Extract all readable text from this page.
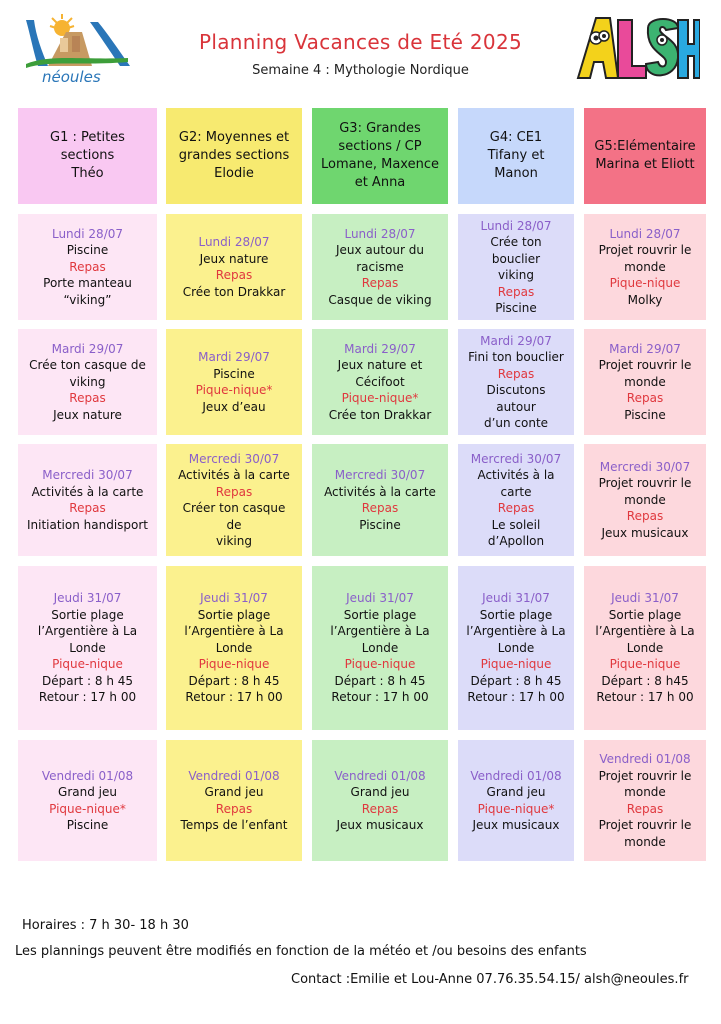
néoules
Planning Vacances de Eté 2025
Semaine 4 : Mythologie Nordique
G1 : Petites
sections
Théo
G2: Moyennes et
grandes sections
Elodie
G3: Grandes
sections / CP
Lomane, Maxence
et Anna
G4: CE1
Tifany et Manon
G5:Elémentaire
Marina et Eliott
Lundi 28/07
Piscine
Repas
Porte manteau
“viking”
Lundi 28/07
Jeux nature
Repas
Crée ton Drakkar
Lundi 28/07
Jeux autour du
racisme
Repas
Casque de viking
Lundi 28/07
Crée ton bouclier
viking
Repas
Piscine
Lundi 28/07
Projet rouvrir le
monde
Pique-nique
Molky
Mardi 29/07
Crée ton casque de
viking
Repas
Jeux nature
Mardi 29/07
Piscine
Pique-nique*
Jeux d’eau
Mardi 29/07
Jeux nature et
Cécifoot
Pique-nique*
Crée ton Drakkar
Mardi 29/07
Fini ton bouclier
Repas
Discutons autour
d’un conte
Mardi 29/07
Projet rouvrir le
monde
Repas
Piscine
Mercredi 30/07
Activités à la carte
Repas
Initiation handisport
Mercredi 30/07
Activités à la carte
Repas
Créer ton casque de
viking
Mercredi 30/07
Activités à la carte
Repas
Piscine
Mercredi 30/07
Activités à la
carte
Repas
Le soleil
d’Apollon
Mercredi 30/07
Projet rouvrir le
monde
Repas
Jeux musicaux
Jeudi 31/07
Sortie plage
l’Argentière à La
Londe
Pique-nique
Départ : 8 h 45
Retour : 17 h 00
Jeudi 31/07
Sortie plage
l’Argentière à La
Londe
Pique-nique
Départ : 8 h 45
Retour : 17 h 00
Jeudi 31/07
Sortie plage
l’Argentière à La
Londe
Pique-nique
Départ : 8 h 45
Retour : 17 h 00
Jeudi 31/07
Sortie plage
l’Argentière à La
Londe
Pique-nique
Départ : 8 h 45
Retour : 17 h 00
Jeudi 31/07
Sortie plage
l’Argentière à La
Londe
Pique-nique
Départ : 8 h45
Retour : 17 h 00
Vendredi 01/08
Grand jeu
Pique-nique*
Piscine
Vendredi 01/08
Grand jeu
Repas
Temps de l’enfant
Vendredi 01/08
Grand jeu
Repas
Jeux musicaux
Vendredi 01/08
Grand jeu
Pique-nique*
Jeux musicaux
Vendredi 01/08
Projet rouvrir le
monde
Repas
Projet rouvrir le
monde
Horaires : 7 h 30- 18 h 30
Les plannings peuvent être modifiés en fonction de la météo et /ou besoins des enfants
Contact :Emilie et Lou-Anne 07.76.35.54.15/ alsh@neoules.fr
